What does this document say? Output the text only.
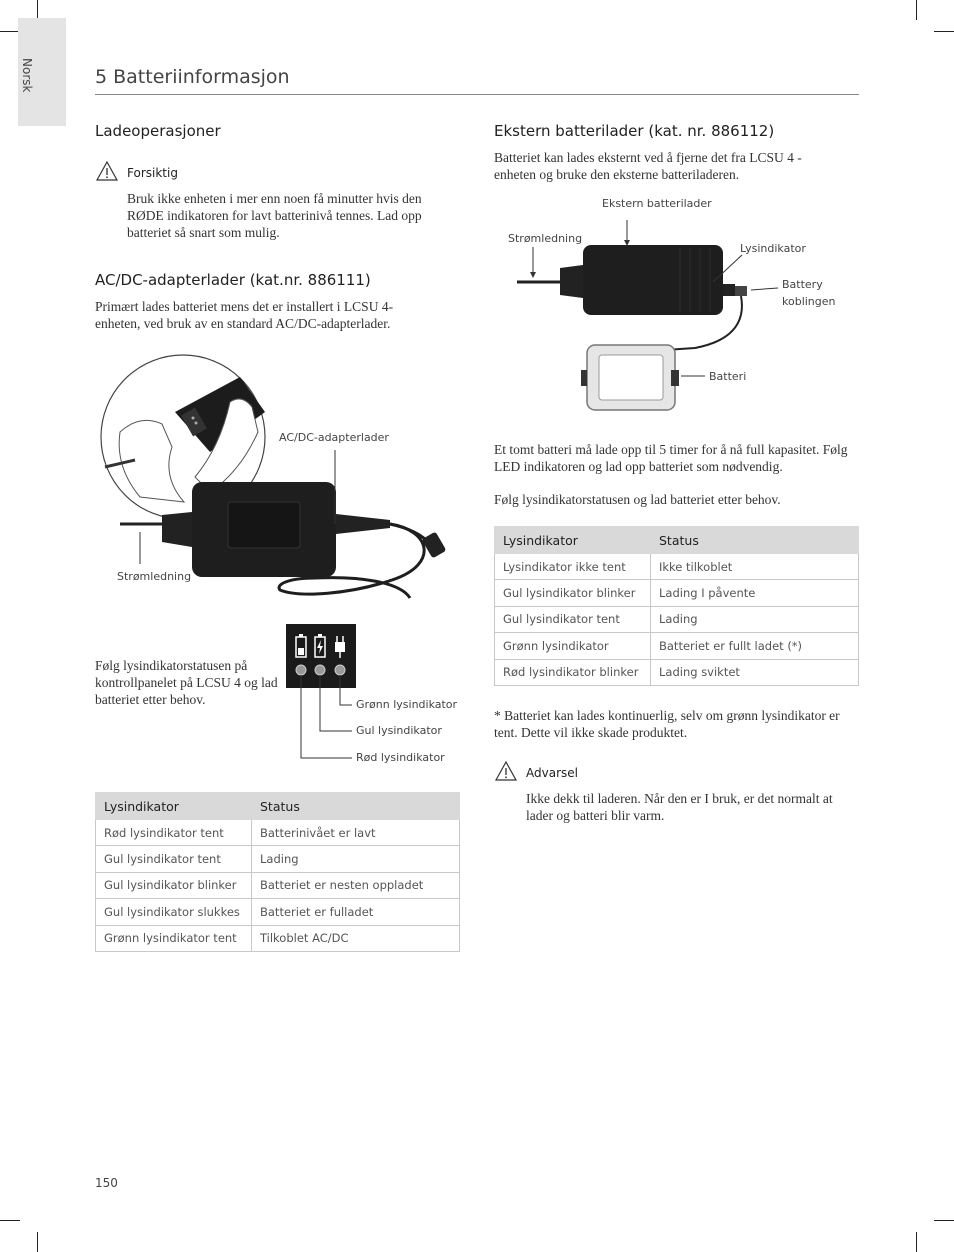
Norsk	5 Batteriinformasjon
Ladeoperasjoner
Forsiktig

Bruk ikke enheten i mer enn noen få minutter hvis den RØDE indikatoren for lavt batterinivå tennes. Lad opp batteriet så snart som mulig.

AC/DC-adapterlader (kat.nr. 886111)

Primært lades batteriet mens det er installert i LCSU 4-enheten, ved bruk av en standard AC/DC-adapterlader.

AC/DC-adapterlader
Strømledning

Følg lysindikatorstatusen på kontrollpanelet på LCSU 4 og lad batteriet etter behov.	Grønn lysindikator
Gul lysindikator
Rød lysindikator
Lysindikator	Status
Rød lysindikator tent	Batterinivået er lavt
Gul lysindikator tent	Lading
Gul lysindikator blinker	Batteriet er nesten oppladet
Gul lysindikator slukkes	Batteriet er fulladet
Grønn lysindikator tent	Tilkoblet AC/DC
Ekstern batterilader (kat. nr. 886112)

Batteriet kan lades eksternt ved å fjerne det fra LCSU 4 -enheten og bruke den eksterne batteriladeren.

Ekstern batterilader
Strømledning
Lysindikator
Battery
koblingen
Batteri

Et tomt batteri må lade opp til 5 timer for å nå full kapasitet. Følg LED indikatoren og lad opp batteriet som nødvendig.

Følg lysindikatorstatusen og lad batteriet etter behov.

Lysindikator	Status
Lysindikator ikke tent	Ikke tilkoblet
Gul lysindikator blinker	Lading I påvente
Gul lysindikator tent	Lading
Grønn lysindikator	Batteriet er fullt ladet (*)
Rød lysindikator blinker	Lading sviktet

* Batteriet kan lades kontinuerlig, selv om grønn lysindikator er tent. Dette vil ikke skade produktet.

Advarsel

Ikke dekk til laderen. Når den er I bruk, er det normalt at lader og batteri blir varm.

150
